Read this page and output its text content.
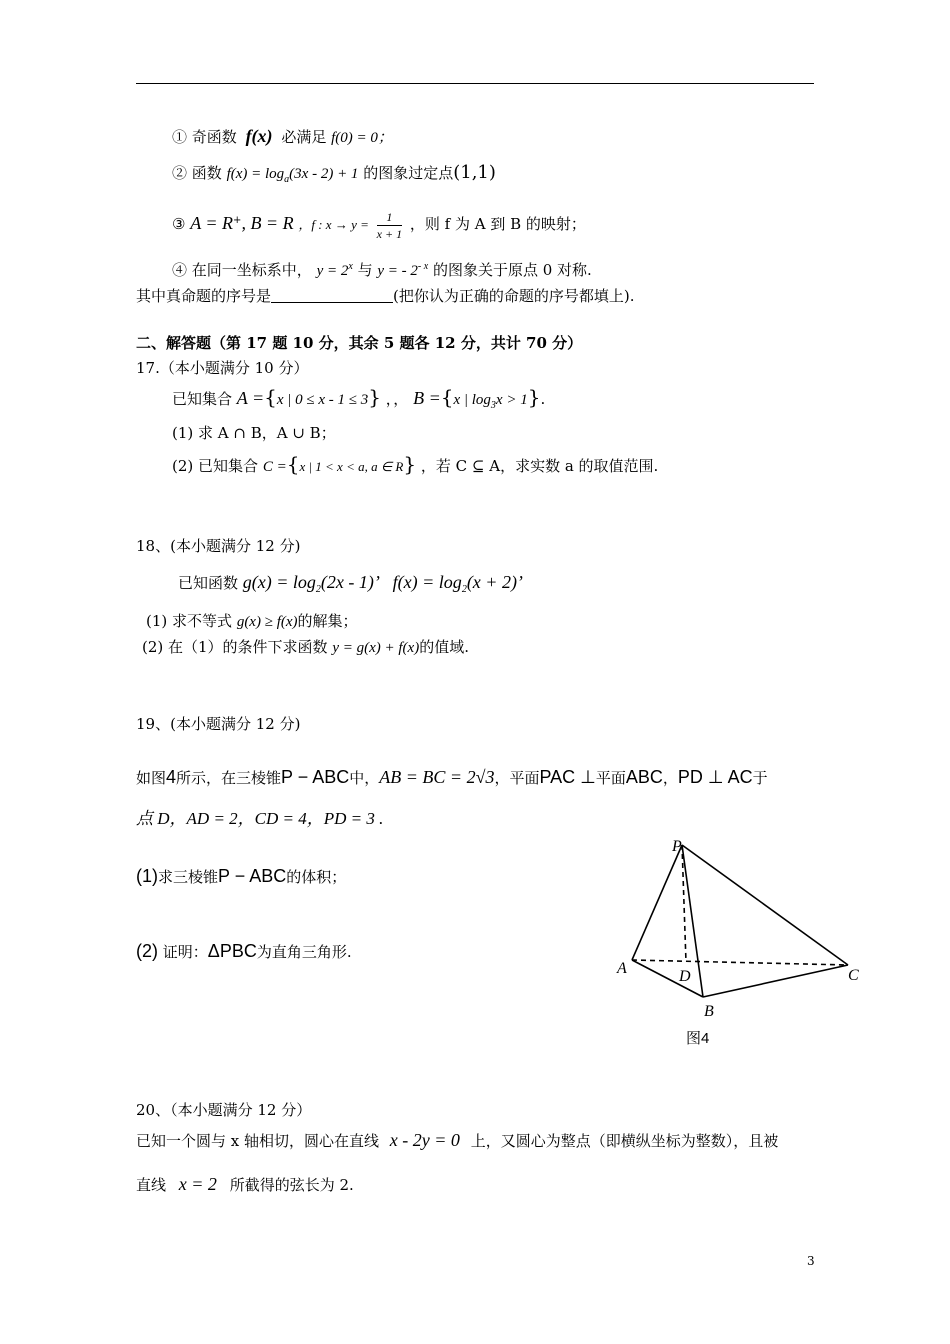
① 奇函数 f(x) 必满足 f(0) = 0；
② 函数 $f(x) = \log_a(3x - 2) + 1$ 的图象过定点(1,1)
③ A = R+, B = R ，f : $x \to y = \frac{1}{x + 1}$ ，则 f 为 A 到 B 的映射；
④ 在同一坐标系中， $y = 2^x$ 与 y = - $2^{- x}$ 的图象关于原点 0 对称.
其中真命题的序号是	(把你认为正确的命题的序号都填上).
二、解答题（第 17 题 10 分，其余 5 题各 12 分，共计 70 分）
17.（本小题满分 10 分）
已知集合 A ={x | 0 ≤ x - 1 ≤ 3} ，， B ={x | $\log_3x > 1$}.
(1) 求 A ∩ B，A ∪ B；
(2) 已知集合 C ={x | 1 < x < a, a ∈ R} ，若 C ⊆ A，求实数 a 的取值范围.
18、(本小题满分 12 分)
已知函数 $g(x) = \log_2(2x - 1)$’ $f(x) = \log_2(x + 2)$’
(1) 求不等式 g(x) ≥ f(x)的解集；
(2) 在（1）的条件下求函数 y = g(x) + f(x)的值域.
19、(本小题满分 12 分)
如图4所示，在三棱锥P − ABC中，AB = BC = 2√3，平面PAC ⊥平面ABC，PD ⊥ AC于
点 D，AD = 2，CD = 4，PD = 3 .
(1)求三棱锥P − ABC的体积；
(2) 证明：ΔPBC为直角三角形.
P
A	D
B
C
图4
20、（本小题满分 12 分）
已知一个圆与 x 轴相切，圆心在直线 x - 2y = 0 上，又圆心为整点（即横纵坐标为整数），且被
直线 x = 2 所截得的弦长为 2.
3
